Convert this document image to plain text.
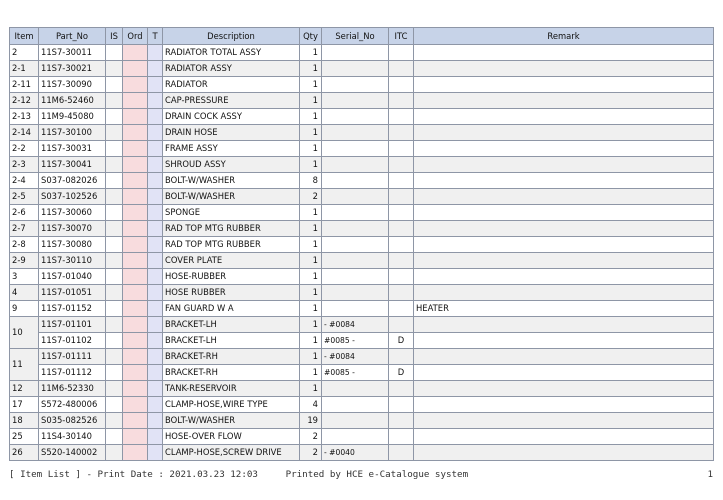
Item	Part_No	IS	Ord	T	Description	Qty	Serial_No	ITC	Remark
2	11S7-30011				RADIATOR TOTAL ASSY	1			
2-1	11S7-30021				RADIATOR ASSY	1			
2-11	11S7-30090				RADIATOR	1			
2-12	11M6-52460				CAP-PRESSURE	1			
2-13	11M9-45080				DRAIN COCK ASSY	1			
2-14	11S7-30100				DRAIN HOSE	1			
2-2	11S7-30031				FRAME ASSY	1			
2-3	11S7-30041				SHROUD ASSY	1			
2-4	S037-082026				BOLT-W/WASHER	8			
2-5	S037-102526				BOLT-W/WASHER	2			
2-6	11S7-30060				SPONGE	1			
2-7	11S7-30070				RAD TOP MTG RUBBER	1			
2-8	11S7-30080				RAD TOP MTG RUBBER	1			
2-9	11S7-30110				COVER PLATE	1			
3	11S7-01040				HOSE-RUBBER	1			
4	11S7-01051				HOSE RUBBER	1			
9	11S7-01152				FAN GUARD W A	1			HEATER
10	11S7-01101				BRACKET-LH	1	- #0084		
	11S7-01102				BRACKET-LH	1	#0085 -	D	
11	11S7-01111				BRACKET-RH	1	- #0084		
	11S7-01112				BRACKET-RH	1	#0085 -	D	
12	11M6-52330				TANK-RESERVOIR	1			
17	S572-480006				CLAMP-HOSE,WIRE TYPE	4			
18	S035-082526				BOLT-W/WASHER	19			
25	11S4-30140				HOSE-OVER FLOW	2			
26	S520-140002				CLAMP-HOSE,SCREW DRIVE	2	- #0040		
[ Item List ] - Print Date : 2021.03.23 12:03     Printed by HCE e-Catalogue system	1
